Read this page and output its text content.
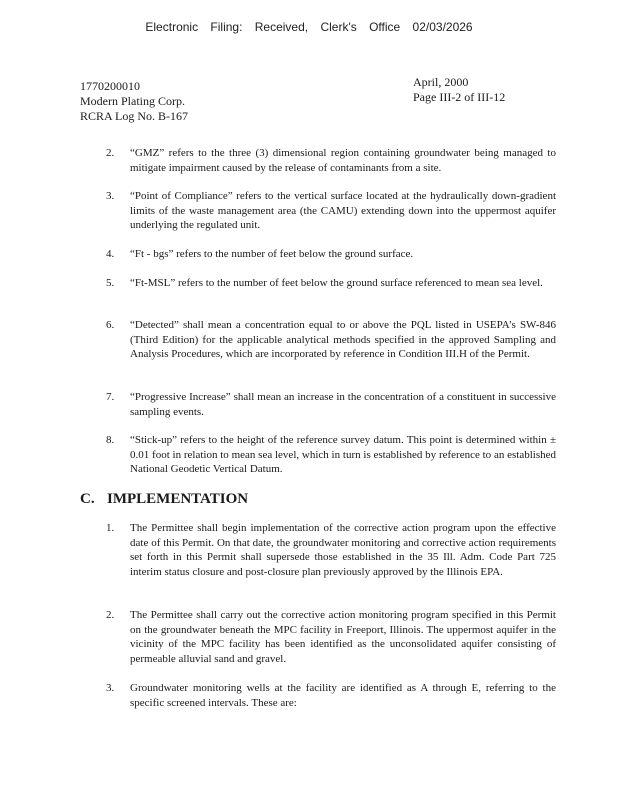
Electronic Filing: Received, Clerk's Office 02/03/2026
1770200010
Modern Plating Corp.
RCRA Log No. B-167
April, 2000
Page III-2 of III-12
2. “GMZ” refers to the three (3) dimensional region containing groundwater being managed to mitigate impairment caused by the release of contaminants from a site.
3. “Point of Compliance” refers to the vertical surface located at the hydraulically down-gradient limits of the waste management area (the CAMU) extending down into the uppermost aquifer underlying the regulated unit.
4. “Ft - bgs” refers to the number of feet below the ground surface.
5. “Ft-MSL” refers to the number of feet below the ground surface referenced to mean sea level.
6. “Detected” shall mean a concentration equal to or above the PQL listed in USEPA’s SW-846 (Third Edition) for the applicable analytical methods specified in the approved Sampling and Analysis Procedures, which are incorporated by reference in Condition III.H of the Permit.
7. “Progressive Increase” shall mean an increase in the concentration of a constituent in successive sampling events.
8. “Stick-up” refers to the height of the reference survey datum. This point is determined within ± 0.01 foot in relation to mean sea level, which in turn is established by reference to an established National Geodetic Vertical Datum.
C. IMPLEMENTATION
1. The Permittee shall begin implementation of the corrective action program upon the effective date of this Permit. On that date, the groundwater monitoring and corrective action requirements set forth in this Permit shall supersede those established in the 35 Ill. Adm. Code Part 725 interim status closure and post-closure plan previously approved by the Illinois EPA.
2. The Permittee shall carry out the corrective action monitoring program specified in this Permit on the groundwater beneath the MPC facility in Freeport, Illinois. The uppermost aquifer in the vicinity of the MPC facility has been identified as the unconsolidated aquifer consisting of permeable alluvial sand and gravel.
3. Groundwater monitoring wells at the facility are identified as A through E, referring to the specific screened intervals. These are:
